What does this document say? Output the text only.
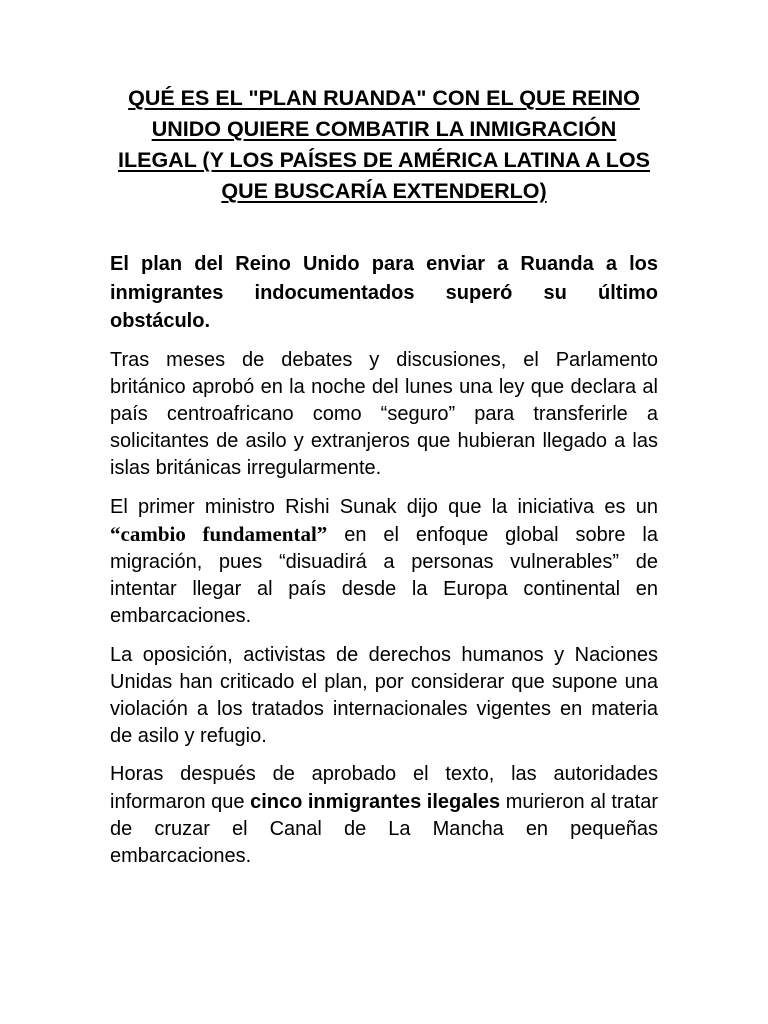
QUÉ ES EL "PLAN RUANDA" CON EL QUE REINO UNIDO QUIERE COMBATIR LA INMIGRACIÓN ILEGAL (Y LOS PAÍSES DE AMÉRICA LATINA A LOS QUE BUSCARÍA EXTENDERLO)

El plan del Reino Unido para enviar a Ruanda a los inmigrantes indocumentados superó su último obstáculo.

Tras meses de debates y discusiones, el Parlamento británico aprobó en la noche del lunes una ley que declara al país centroafricano como “seguro” para transferirle a solicitantes de asilo y extranjeros que hubieran llegado a las islas británicas irregularmente.

El primer ministro Rishi Sunak dijo que la iniciativa es un “cambio fundamental” en el enfoque global sobre la migración, pues “disuadirá a personas vulnerables” de intentar llegar al país desde la Europa continental en embarcaciones.

La oposición, activistas de derechos humanos y Naciones Unidas han criticado el plan, por considerar que supone una violación a los tratados internacionales vigentes en materia de asilo y refugio.

Horas después de aprobado el texto, las autoridades informaron que cinco inmigrantes ilegales murieron al tratar de cruzar el Canal de La Mancha en pequeñas embarcaciones.
